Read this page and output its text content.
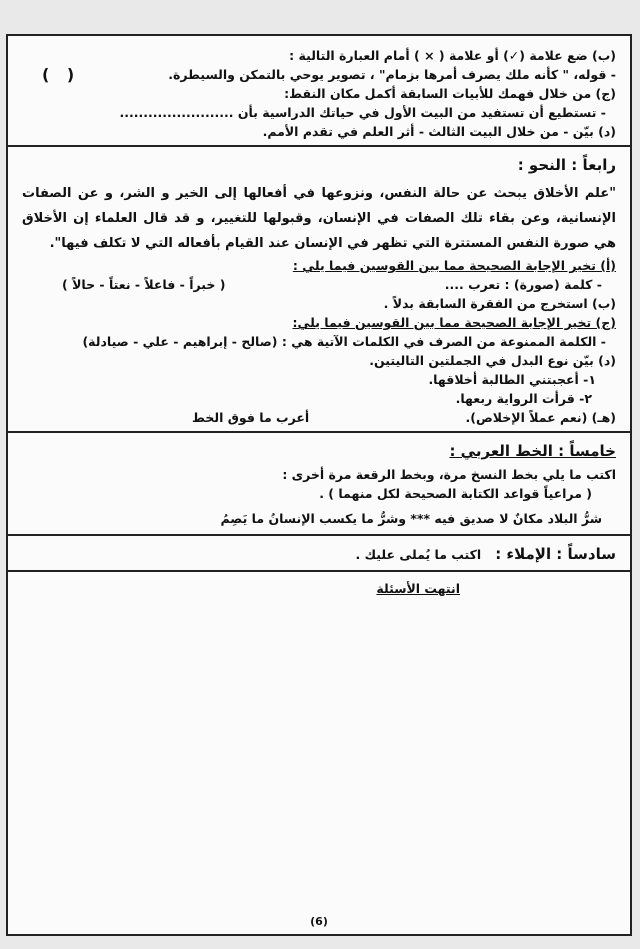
(ب) ضع علامة (✓) أو علامة ( × ) أمام العبارة التالية :
- قوله، " كأنه ملك يصرف أمرها بزمام" ، تصوير يوحي بالتمكن والسيطرة.
( )
(ج) من خلال فهمك للأبيات السابقة أكمل مكان النقط:
- تستطيع أن تستفيد من البيت الأول في حياتك الدراسية بأن ........................
(د) بيّن - من خلال البيت الثالث - أثر العلم في تقدم الأمم.
رابعاً : النحو :
"علم الأخلاق يبحث عن حالة النفس، ونزوعها في أفعالها إلى الخير و الشر، و عن الصفات الإنسانية، وعن بقاء تلك الصفات في الإنسان، وقبولها للتغيير، و قد قال العلماء إن الأخلاق هي صورة النفس المستترة التي تظهر في الإنسان عند القيام بأفعاله التي لا تكلف فيها".
(أ) تخير الإجابة الصحيحة مما بين القوسين فيما يلي :
- كلمة (صورة) : تعرب ....
( خبراً - فاعلاً - نعتاً - حالاً )
(ب) استخرج من الفقرة السابقة بدلاً .
(ج) تخير الإجابة الصحيحة مما بين القوسين فيما يلي:
- الكلمة الممنوعة من الصرف في الكلمات الآتية هي : (صالح - إبراهيم - علي - صيادلة)
(د) بيّن نوع البدل في الجملتين التاليتين.
١- أعجبتني الطالبة أخلاقها.
٢- قرأت الرواية ربعها.
(هـ) (نعم عملاً الإخلاص).
أعرب ما فوق الخط
خامساً : الخط العربي :
اكتب ما يلي بخط النسخ مرة، وبخط الرقعة مرة أخرى :
( مراعياً قواعد الكتابة الصحيحة لكل منهما ) .
شرُّ البلاد مكانٌ لا صديق فيه *** وشرُّ ما يكسب الإنسانُ ما يَصِمُ
سادساً : الإملاء :
اكتب ما يُملى عليك .
انتهت الأسئلة
(6)
